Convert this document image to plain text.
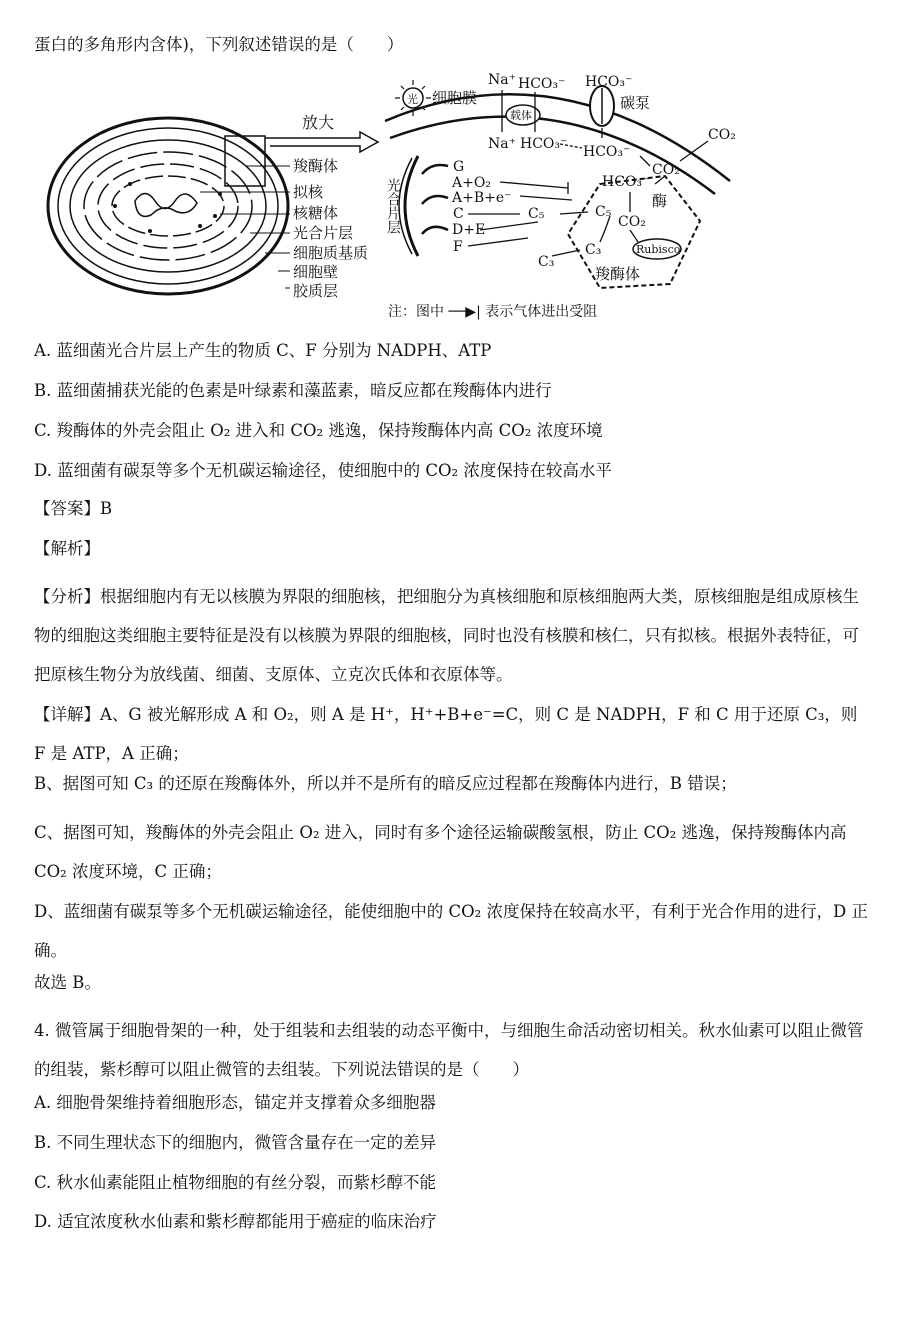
蛋白的多角形内含体)，下列叙述错误的是（　　）
放大
羧酶体
拟核
核糖体
光合片层
细胞质基质
细胞壁
胶质层
光 细胞膜
载体
碳泵
Na⁺ HCO₃⁻ HCO₃⁻
Na⁺ HCO₃⁻ HCO₃⁻
CO₂
CO₂
光合片层
G
A+O₂
A+B+e⁻
C
D+E
F
HCO₃⁻
酶
CO₂
Rubisco
C₅
C₅
C₃
C₃
羧酶体
注：图中 ──▶| 表示气体进出受阻
A. 蓝细菌光合片层上产生的物质 C、F 分别为 NADPH、ATP
B. 蓝细菌捕获光能的色素是叶绿素和藻蓝素，暗反应都在羧酶体内进行
C. 羧酶体的外壳会阻止 O₂ 进入和 CO₂ 逃逸，保持羧酶体内高 CO₂ 浓度环境
D. 蓝细菌有碳泵等多个无机碳运输途径，使细胞中的 CO₂ 浓度保持在较高水平
【答案】B
【解析】
【分析】根据细胞内有无以核膜为界限的细胞核，把细胞分为真核细胞和原核细胞两大类，原核细胞是组成原核生物的细胞这类细胞主要特征是没有以核膜为界限的细胞核，同时也没有核膜和核仁，只有拟核。根据外表特征，可把原核生物分为放线菌、细菌、支原体、立克次氏体和衣原体等。
【详解】A、G 被光解形成 A 和 O₂，则 A 是 H⁺，H⁺+B+e⁻=C，则 C 是 NADPH，F 和 C 用于还原 C₃，则 F 是 ATP，A 正确；
B、据图可知 C₃ 的还原在羧酶体外，所以并不是所有的暗反应过程都在羧酶体内进行，B 错误；
C、据图可知，羧酶体的外壳会阻止 O₂ 进入，同时有多个途径运输碳酸氢根，防止 CO₂ 逃逸，保持羧酶体内高 CO₂ 浓度环境，C 正确；
D、蓝细菌有碳泵等多个无机碳运输途径，能使细胞中的 CO₂ 浓度保持在较高水平，有利于光合作用的进行，D 正确。
故选 B。
4. 微管属于细胞骨架的一种，处于组装和去组装的动态平衡中，与细胞生命活动密切相关。秋水仙素可以阻止微管的组装，紫杉醇可以阻止微管的去组装。下列说法错误的是（　　）
A. 细胞骨架维持着细胞形态，锚定并支撑着众多细胞器
B. 不同生理状态下的细胞内，微管含量存在一定的差异
C. 秋水仙素能阻止植物细胞的有丝分裂，而紫杉醇不能
D. 适宜浓度秋水仙素和紫杉醇都能用于癌症的临床治疗
